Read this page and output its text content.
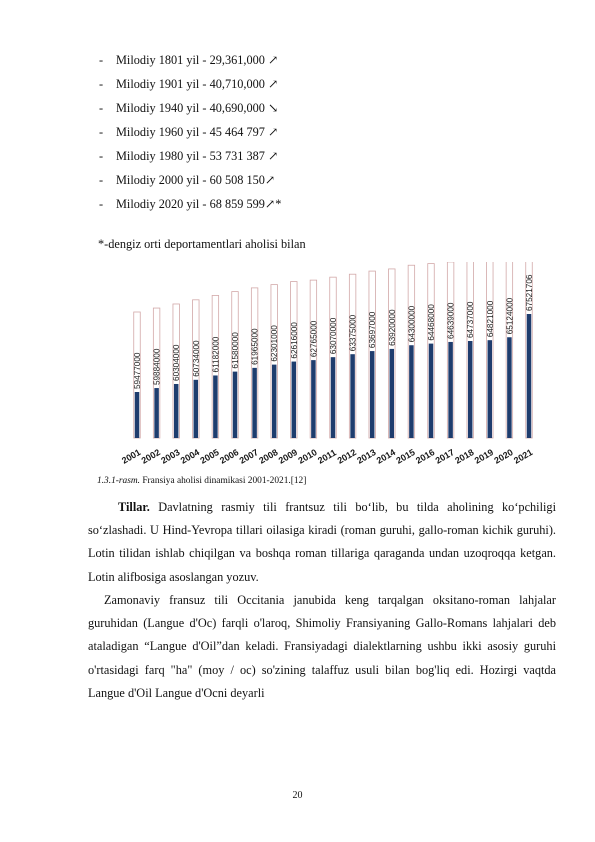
- Milodiy 1801 yil - 29,361,000 ↗
- Milodiy 1901 yil - 40,710,000 ↗
- Milodiy 1940 yil - 40,690,000 ↘
- Milodiy 1960 yil - 45 464 797 ↗
- Milodiy 1980 yil - 53 731 387 ↗
- Milodiy 2000 yil - 60 508 150↗
- Milodiy 2020 yil - 68 859 599↗*
*-dengiz orti deportamentlari aholisi bilan
59477000
2001
59884000
2002
60304000
2003
60734000
2004
61182000
2005
61580000
2006
61965000
2007
62301000
2008
62616000
2009
62765000
2010
63070000
2011
63375000
2012
63697000
2013
63920000
2014
64300000
2015
64468000
2016
64639000
2017
64737000
2018
64821000
2019
65124000
2020
67521706
2021
1.3.1-rasm. Fransiya aholisi dinamikasi 2001-2021.[12]

Tillar. Davlatning rasmiy tili frantsuz tili boʻlib, bu tilda aholining koʻpchiligi soʻzlashadi. U Hind-Yevropa tillari oilasiga kiradi (roman guruhi, gallo-roman kichik guruhi). Lotin tilidan ishlab chiqilgan va boshqa roman tillariga qaraganda undan uzoqroqqa ketgan. Lotin alifbosiga asoslangan yozuv.

Zamonaviy fransuz tili Occitania janubida keng tarqalgan oksitano-roman lahjalar guruhidan (Langue d'Oc) farqli o'laroq, Shimoliy Fransiyaning Gallo-Romans lahjalari deb ataladigan “Langue d'Oil”dan keladi. Fransiyadagi dialektlarning ushbu ikki asosiy guruhi o'rtasidagi farq "ha" (moy / oc) so'zining talaffuz usuli bilan bog'liq edi. Hozirgi vaqtda Langue d'Oil Langue d'Ocni deyarli

20
